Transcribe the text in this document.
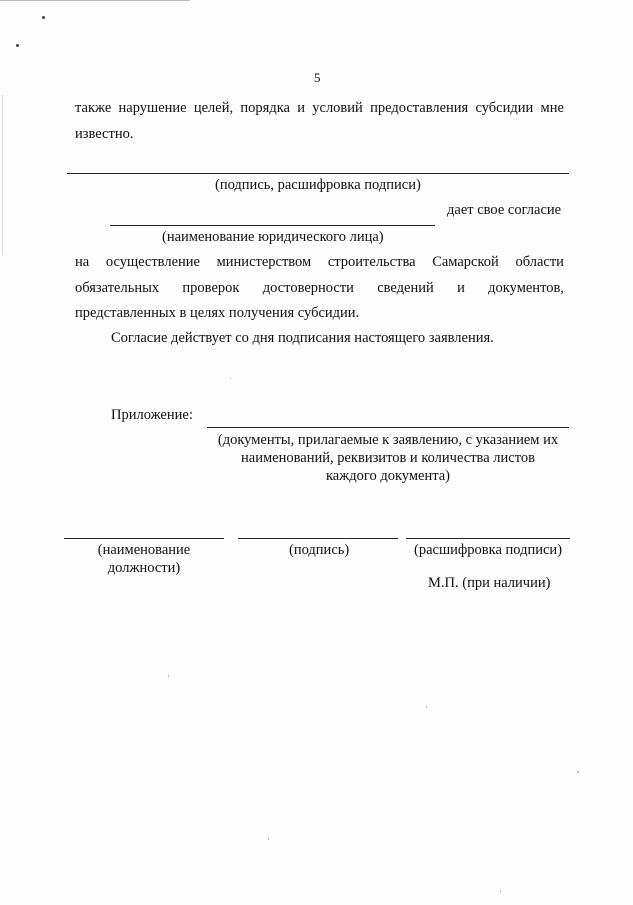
5
также нарушение целей, порядка и условий предоставления субсидии мне
известно.
(подпись, расшифровка подписи)
дает свое согласие
(наименование юридического лица)
на осуществление министерством строительства Самарской области
обязательных проверок достоверности сведений и документов,
представленных в целях получения субсидии.
Согласие действует со дня подписания настоящего заявления.
Приложение:
(документы, прилагаемые к заявлению, с указанием их
наименований, реквизитов и количества листов
каждого документа)
(наименование
должности)
(подпись)	(расшифровка подписи)
М.П. (при наличии)
